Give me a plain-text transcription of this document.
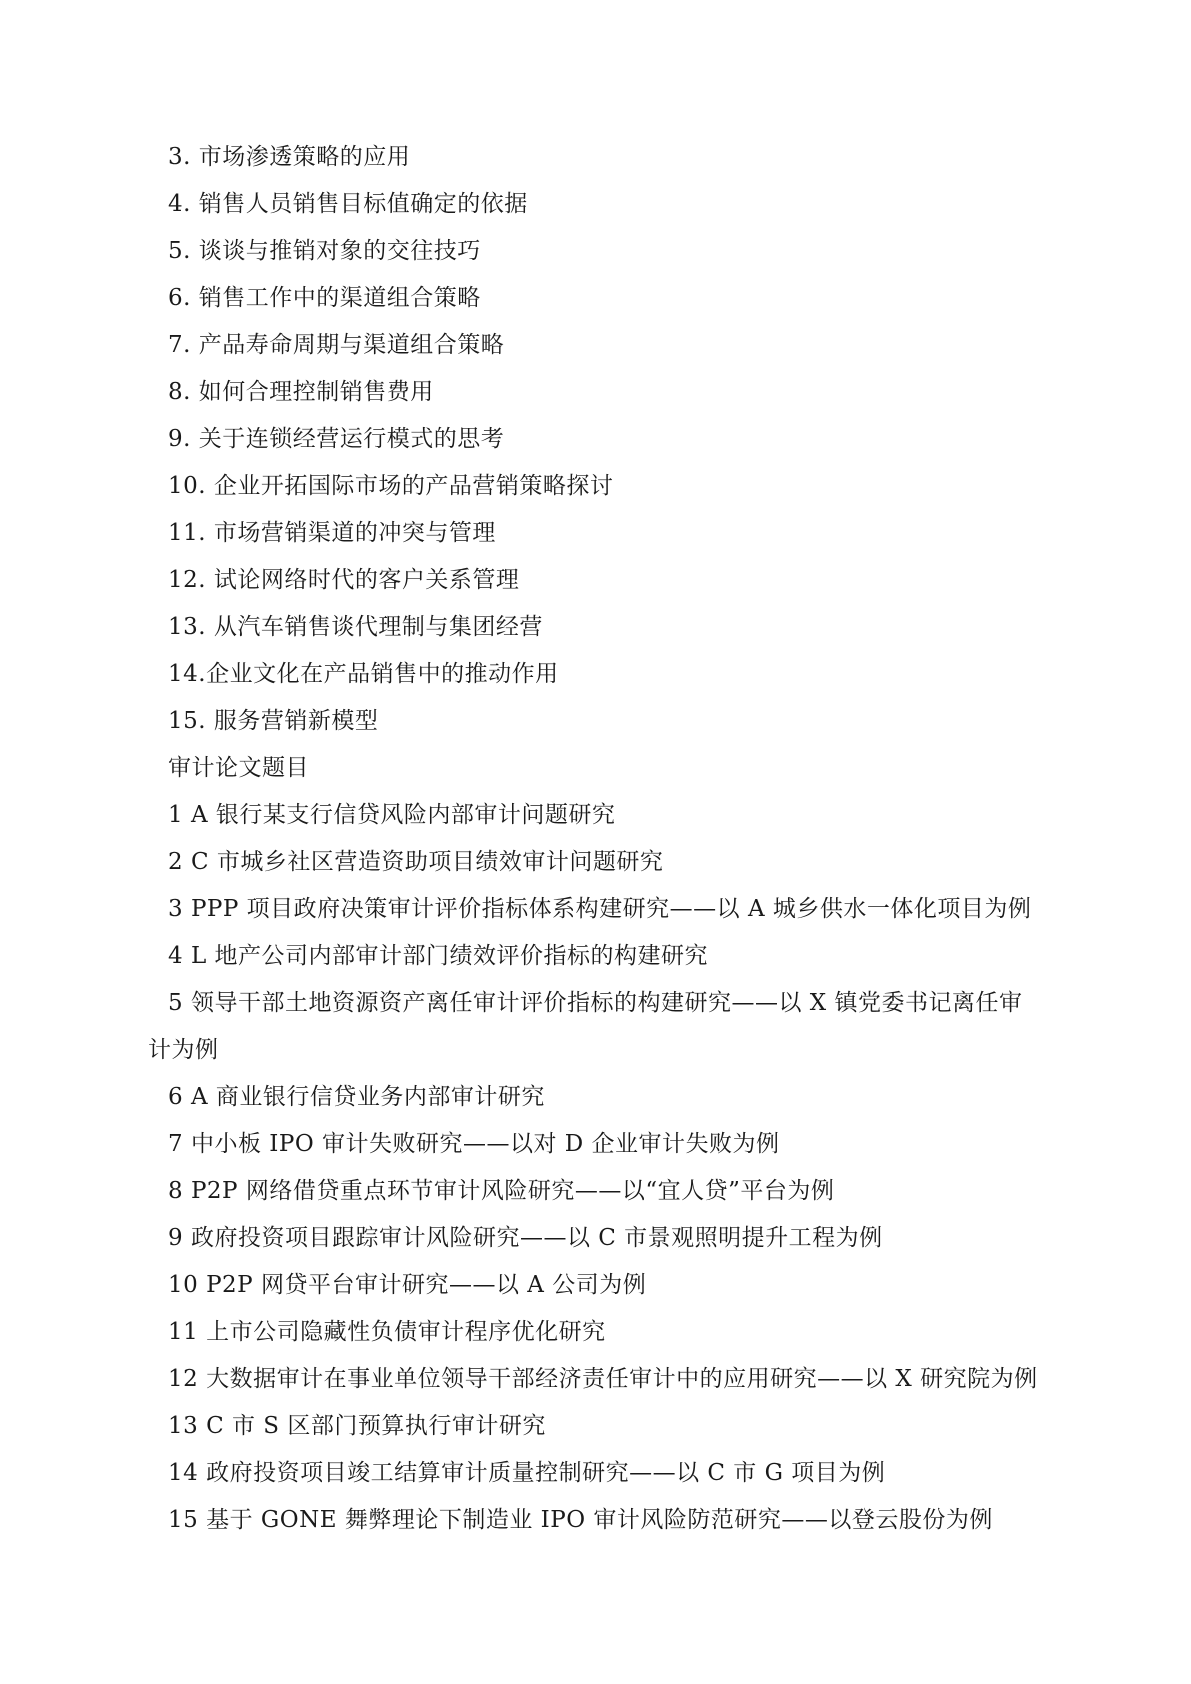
3. 市场渗透策略的应用
4. 销售人员销售目标值确定的依据
5. 谈谈与推销对象的交往技巧
6. 销售工作中的渠道组合策略
7. 产品寿命周期与渠道组合策略
8. 如何合理控制销售费用
9. 关于连锁经营运行模式的思考
10. 企业开拓国际市场的产品营销策略探讨
11. 市场营销渠道的冲突与管理
12. 试论网络时代的客户关系管理
13. 从汽车销售谈代理制与集团经营
14.企业文化在产品销售中的推动作用
15. 服务营销新模型
审计论文题目
1 A 银行某支行信贷风险内部审计问题研究
2 C 市城乡社区营造资助项目绩效审计问题研究
3 PPP 项目政府决策审计评价指标体系构建研究——以 A 城乡供水一体化项目为例
4 L 地产公司内部审计部门绩效评价指标的构建研究
5 领导干部土地资源资产离任审计评价指标的构建研究——以 X 镇党委书记离任审
计为例
6 A 商业银行信贷业务内部审计研究
7 中小板 IPO 审计失败研究——以对 D 企业审计失败为例
8 P2P 网络借贷重点环节审计风险研究——以“宜人贷”平台为例
9 政府投资项目跟踪审计风险研究——以 C 市景观照明提升工程为例
10 P2P 网贷平台审计研究——以 A 公司为例
11 上市公司隐藏性负债审计程序优化研究
12 大数据审计在事业单位领导干部经济责任审计中的应用研究——以 X 研究院为例
13 C 市 S 区部门预算执行审计研究
14 政府投资项目竣工结算审计质量控制研究——以 C 市 G 项目为例
15 基于 GONE 舞弊理论下制造业 IPO 审计风险防范研究——以登云股份为例
